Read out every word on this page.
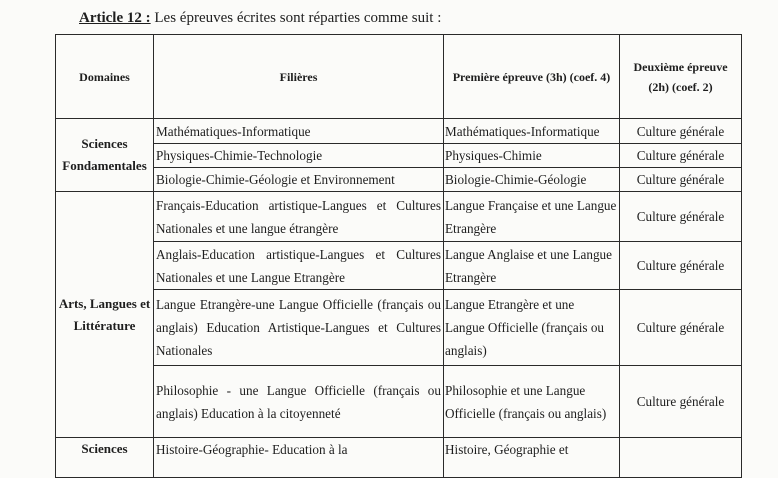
Article 12 : Les épreuves écrites sont réparties comme suit :
Domaines	Filières	Première épreuve (3h) (coef. 4)	Deuxième épreuve (2h) (coef. 2)
Sciences Fondamentales	Mathématiques-Informatique	Mathématiques-Informatique	Culture générale
	Physiques-Chimie-Technologie	Physiques-Chimie	Culture générale
	Biologie-Chimie-Géologie et Environnement	Biologie-Chimie-Géologie	Culture générale
Arts, Langues et Littérature	Français-Education artistique-Langues et Cultures Nationales et une langue étrangère	Langue Française et une Langue Etrangère	Culture générale
	Anglais-Education artistique-Langues et Cultures Nationales et une Langue Etrangère	Langue Anglaise et une Langue Etrangère	Culture générale
	Langue Etrangère-une Langue Officielle (français ou anglais) Education Artistique-Langues et Cultures Nationales	Langue Etrangère et une Langue Officielle (français ou anglais)	Culture générale
	Philosophie - une Langue Officielle (français ou anglais) Education à la citoyenneté	Philosophie et une Langue Officielle (français ou anglais)	Culture générale
Sciences	Histoire-Géographie- Education à la	Histoire, Géographie et	
